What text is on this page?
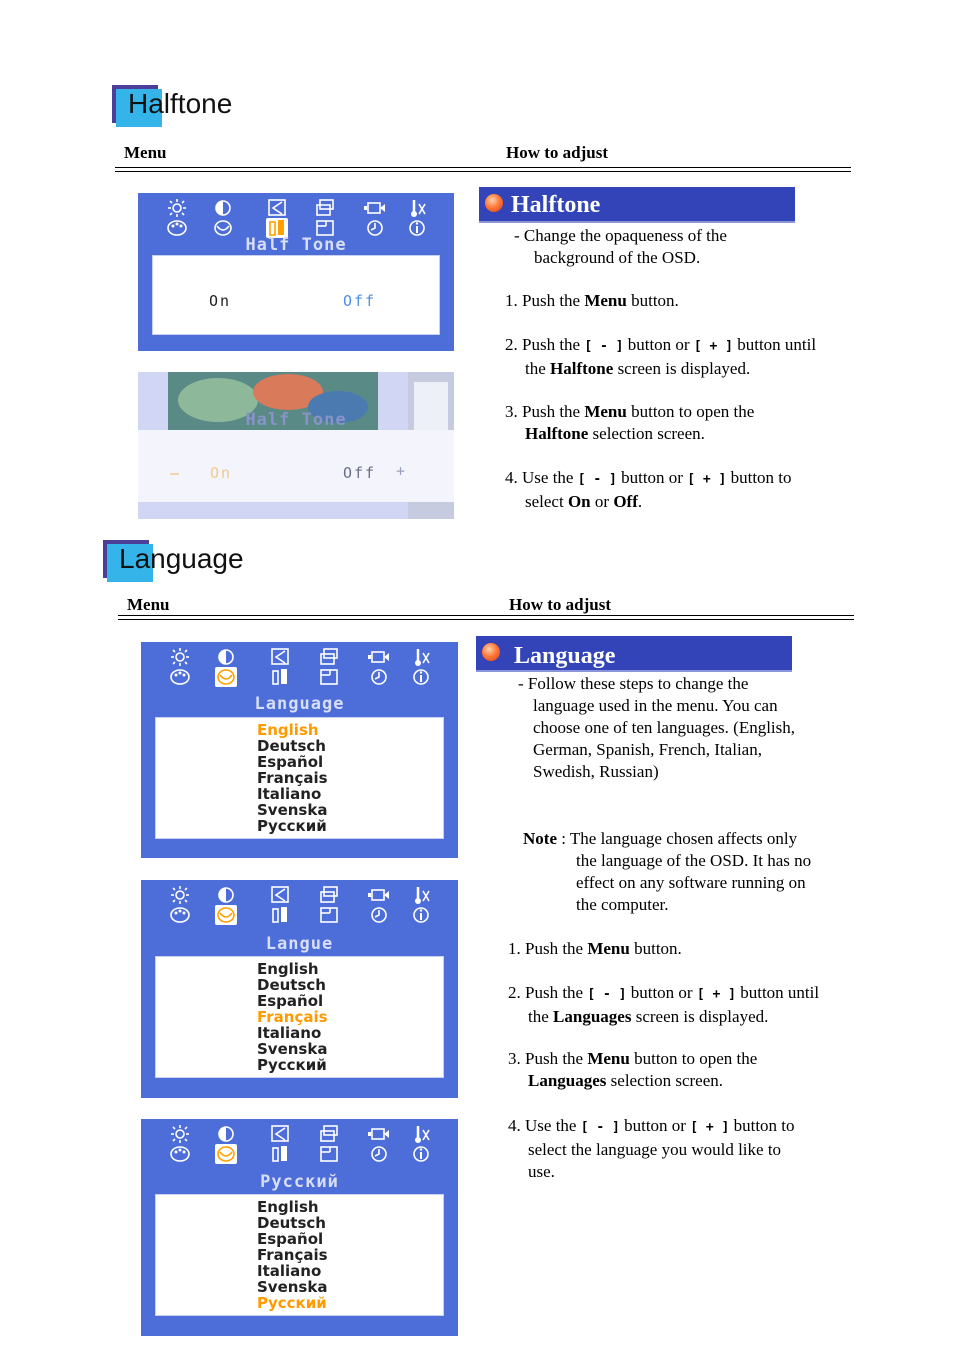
Halftone
Menu	How to adjust
Half Tone
On	Off
Half Tone
— On	Off +
Halftone
- Change the opaqueness of the
background of the OSD.
1. Push the Menu button.
2. Push the [ - ] button or [ + ] button until
the Halftone screen is displayed.
3. Push the Menu button to open the
Halftone selection screen.
4. Use the [ - ] button or [ + ] button to
select On or Off.
Language
Menu	How to adjust
Language
English
Deutsch
Español
Français
Italiano
Svenska
Русский
Langue
English
Deutsch
Español
Français
Italiano
Svenska
Русский
Русский
English
Deutsch
Español
Français
Italiano
Svenska
Русский
Language
- Follow these steps to change the
language used in the menu. You can
choose one of ten languages. (English,
German, Spanish, French, Italian,
Swedish, Russian)
Note : The language chosen affects only
the language of the OSD. It has no
effect on any software running on
the computer.
1. Push the Menu button.
2. Push the [ - ] button or [ + ] button until
the Languages screen is displayed.
3. Push the Menu button to open the
Languages selection screen.
4. Use the [ - ] button or [ + ] button to
select the language you would like to
use.
